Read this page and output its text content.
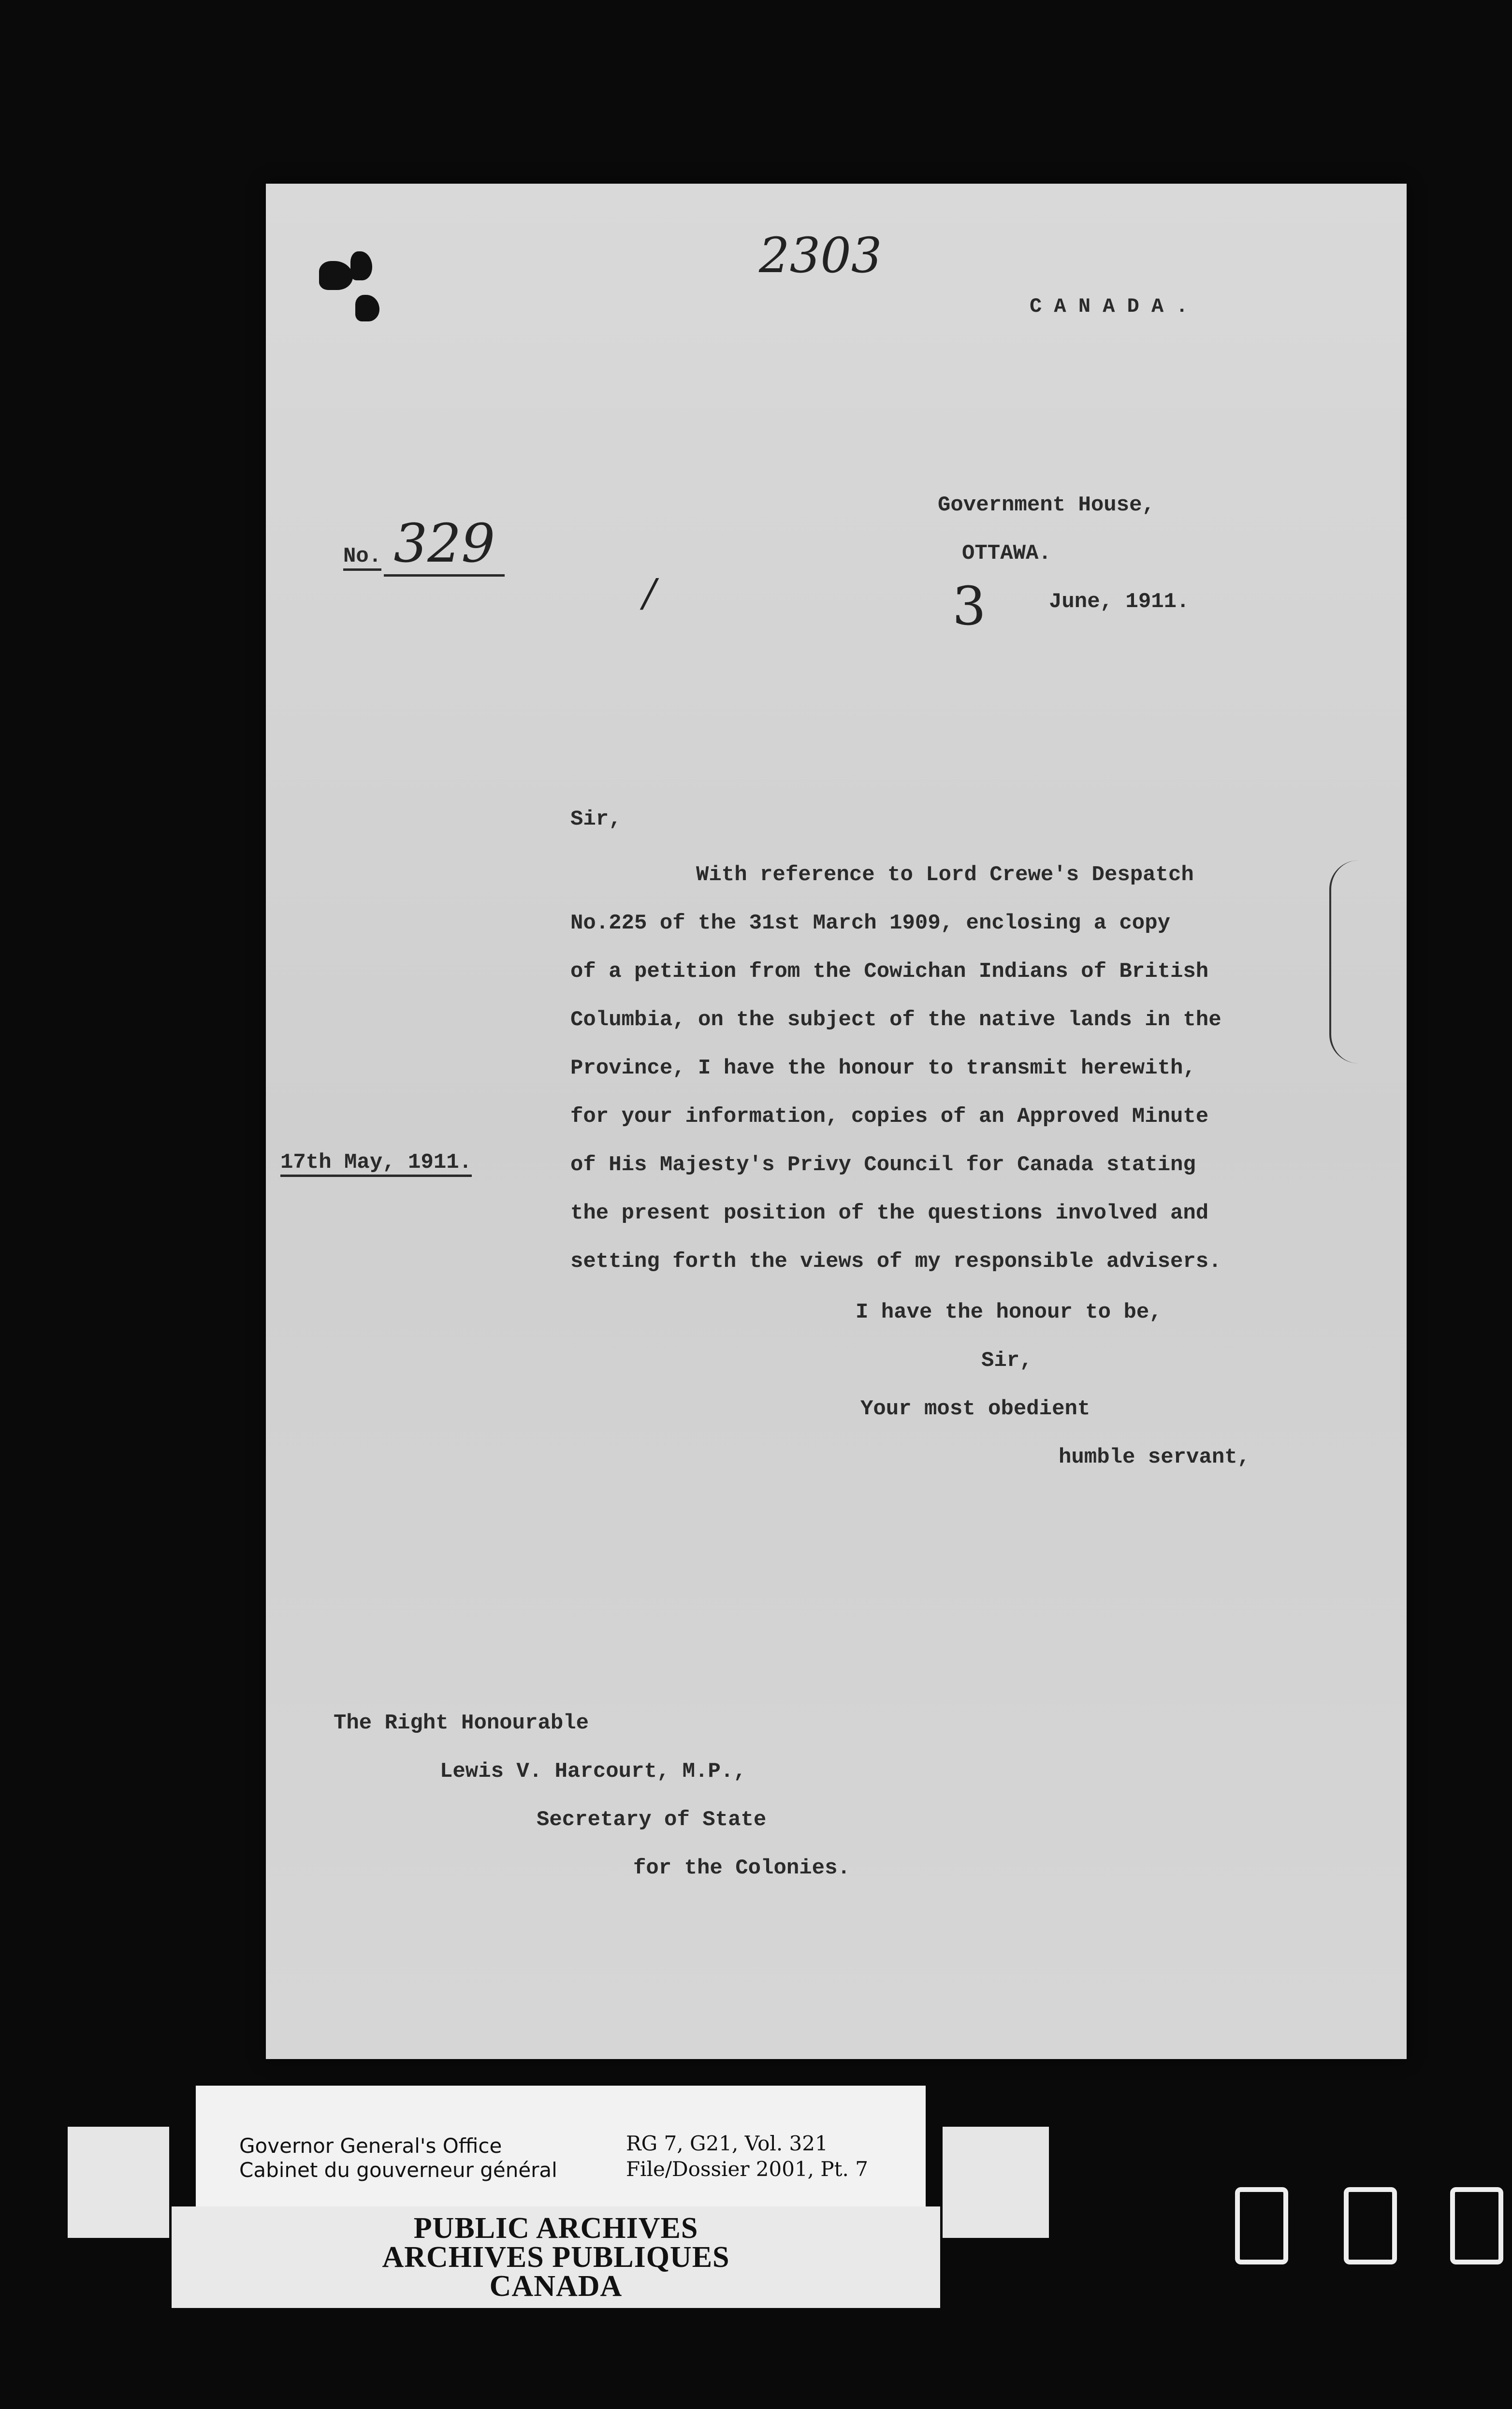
2303
C A N A D A .
No. 329
/
Government House,
OTTAWA.
3	June, 1911.
Sir,
With reference to Lord Crewe's Despatch
No.225 of the 31st March 1909, enclosing a copy
of a petition from the Cowichan Indians of British
Columbia, on the subject of the native lands in the
Province, I have the honour to transmit herewith,
for your information, copies of an Approved Minute
of His Majesty's Privy Council for Canada stating
the present position of the questions involved and
setting forth the views of my responsible advisers.
17th May, 1911.
I have the honour to be,
Sir,
Your most obedient
humble servant,
The Right Honourable
Lewis V. Harcourt, M.P.,
Secretary of State
for the Colonies.
Governor General's Office
Cabinet du gouverneur général
RG 7, G21, Vol. 321
File/Dossier 2001, Pt. 7
PUBLIC ARCHIVES
ARCHIVES PUBLIQUES
CANADA
